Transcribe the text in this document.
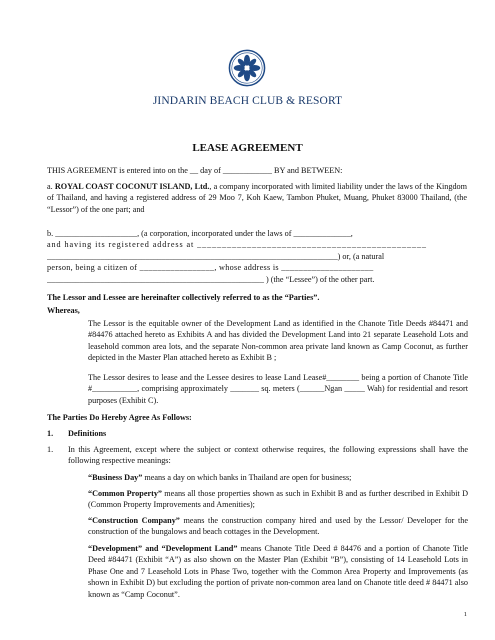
JINDARIN BEACH CLUB & RESORT
LEASE AGREEMENT
THIS AGREEMENT is entered into on the __ day of ____________ BY and BETWEEN:
a. ROYAL COAST COCONUT ISLAND, Ltd., a company incorporated with limited liability under the laws of the Kingdom of Thailand, and having a registered address of 29 Moo 7, Koh Kaew, Tambon Phuket, Muang, Phuket 83000 Thailand, (the “Lessor”) of the one part; and
b. ____________________, (a corporation, incorporated under the laws of ______________,
and having its registered address at ______________________________________________
_______________________________________________________________________) or, (a natural
person, being a citizen of _________________, whose address is _____________________
_____________________________________________________ ) (the “Lessee”) of the other part.
The Lessor and Lessee are hereinafter collectively referred to as the “Parties”.
Whereas,
The Lessor is the equitable owner of the Development Land as identified in the Chanote Title Deeds #84471 and #84476 attached hereto as Exhibits A and has divided the Development Land into 21 separate Leasehold Lots and leasehold common area lots, and the separate Non-common area private land known as Camp Coconut, as further depicted in the Master Plan attached hereto as Exhibit B ;
The Lessor desires to lease and the Lessee desires to lease Land Lease#________ being a portion of Chanote Title #___________, comprising approximately _______ sq. meters (______Ngan _____ Wah) for residential and resort purposes (Exhibit C).
The Parties Do Hereby Agree As Follows:
1. Definitions
1. In this Agreement, except where the subject or context otherwise requires, the following expressions shall have the following respective meanings:
“Business Day” means a day on which banks in Thailand are open for business;
“Common Property” means all those properties shown as such in Exhibit B and as further described in Exhibit D (Common Property Improvements and Amenities);
“Construction Company” means the construction company hired and used by the Lessor/ Developer for the construction of the bungalows and beach cottages in the Development.
“Development” and “Development Land” means Chanote Title Deed # 84476 and a portion of Chanote Title Deed #84471 (Exhibit “A”) as also shown on the Master Plan (Exhibit ”B”), consisting of 14 Leasehold Lots in Phase One and 7 Leasehold Lots in Phase Two, together with the Common Area Property and Improvements (as shown in Exhibit D) but excluding the portion of private non-common area land on Chanote title deed # 84471 also known as “Camp Coconut”.
1
